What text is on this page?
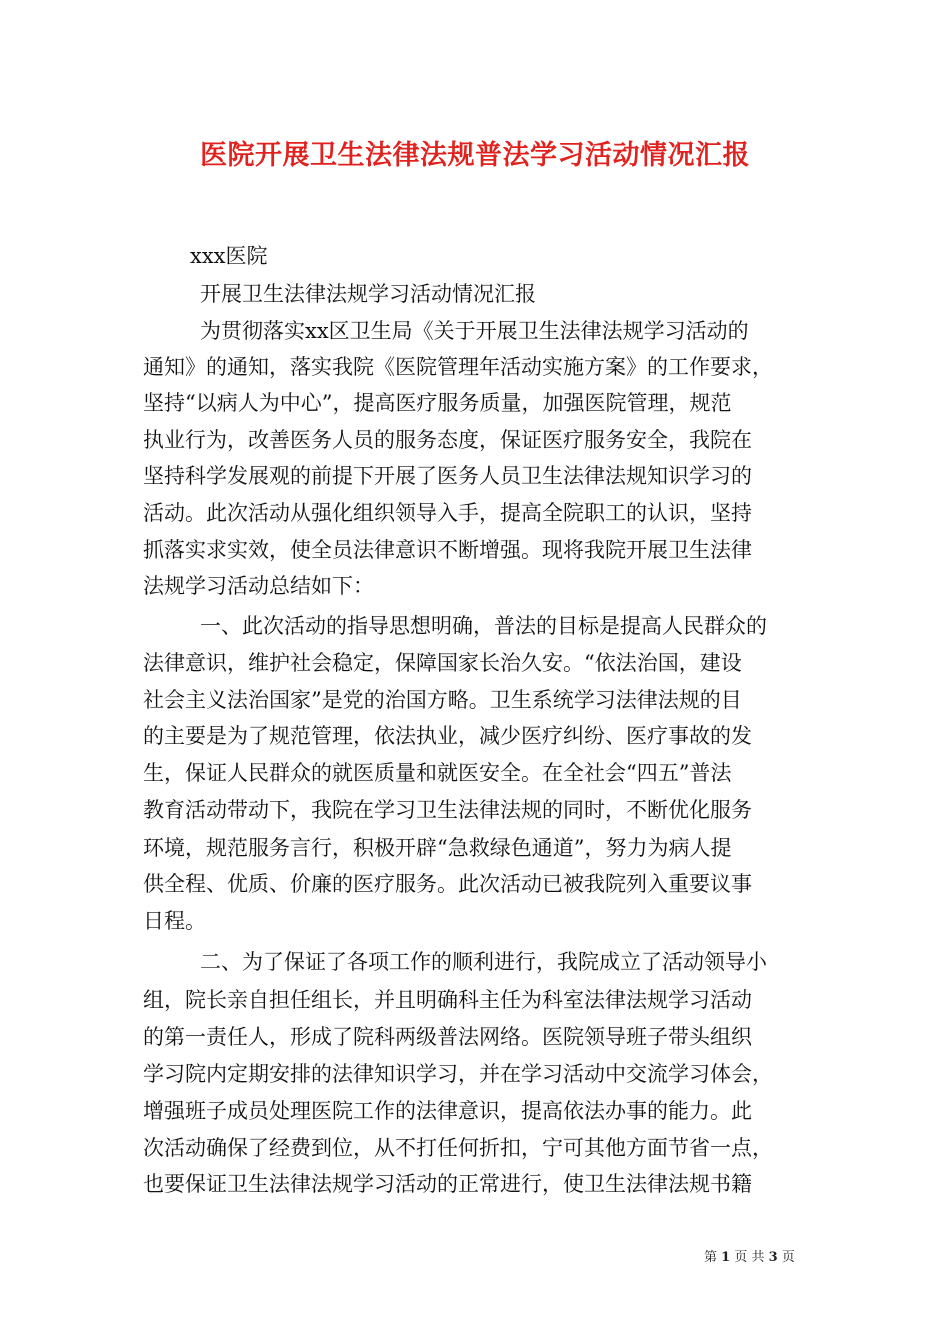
医院开展卫生法律法规普法学习活动情况汇报
xxx医院
开展卫生法律法规学习活动情况汇报
为贯彻落实xx区卫生局《关于开展卫生法律法规学习活动的
通知》的通知，落实我院《医院管理年活动实施方案》的工作要求，
坚持“以病人为中心”，提高医疗服务质量，加强医院管理，规范
执业行为，改善医务人员的服务态度，保证医疗服务安全，我院在
坚持科学发展观的前提下开展了医务人员卫生法律法规知识学习的
活动。此次活动从强化组织领导入手，提高全院职工的认识，坚持
抓落实求实效，使全员法律意识不断增强。现将我院开展卫生法律
法规学习活动总结如下：
一、此次活动的指导思想明确，普法的目标是提高人民群众的
法律意识，维护社会稳定，保障国家长治久安。“依法治国，建设
社会主义法治国家”是党的治国方略。卫生系统学习法律法规的目
的主要是为了规范管理，依法执业，减少医疗纠纷、医疗事故的发
生，保证人民群众的就医质量和就医安全。在全社会“四五”普法
教育活动带动下，我院在学习卫生法律法规的同时，不断优化服务
环境，规范服务言行，积极开辟“急救绿色通道”，努力为病人提
供全程、优质、价廉的医疗服务。此次活动已被我院列入重要议事
日程。
二、为了保证了各项工作的顺利进行，我院成立了活动领导小
组，院长亲自担任组长，并且明确科主任为科室法律法规学习活动
的第一责任人，形成了院科两级普法网络。医院领导班子带头组织
学习院内定期安排的法律知识学习，并在学习活动中交流学习体会，
增强班子成员处理医院工作的法律意识，提高依法办事的能力。此
次活动确保了经费到位，从不打任何折扣，宁可其他方面节省一点，
也要保证卫生法律法规学习活动的正常进行，使卫生法律法规书籍
第 1 页 共 3 页
